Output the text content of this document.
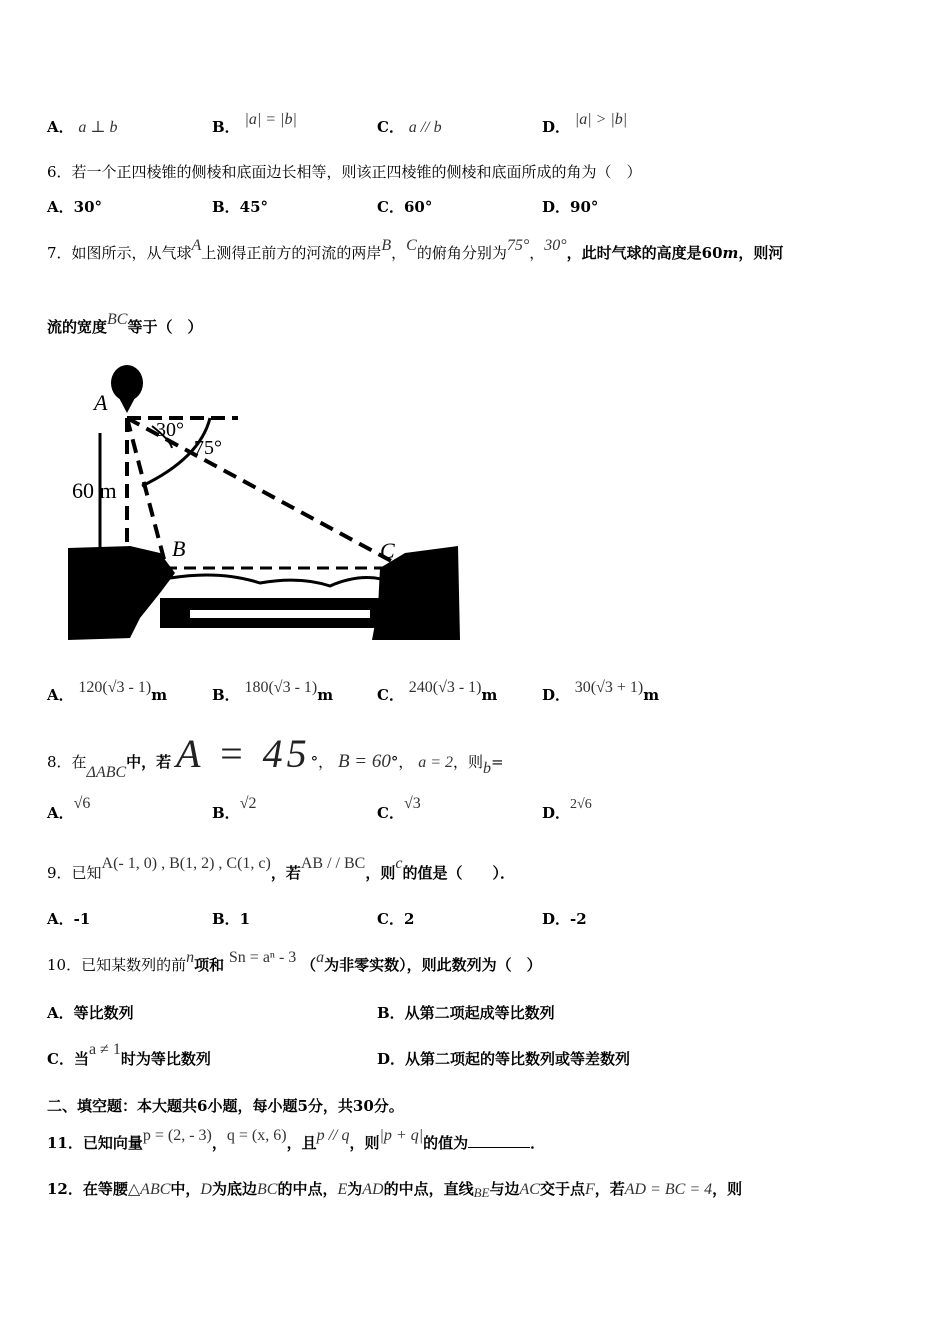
A． a ⊥ b	B． |a| = |b|	C． a // b	D． |a| > |b|
6．若一个正四棱锥的侧棱和底面边长相等，则该正四棱锥的侧棱和底面所成的角为（　）
A．30°	B．45°	C．60°	D．90°
7．如图所示，从气球A上测得正前方的河流的两岸B，C的俯角分别为75°，30°，此时气球的高度是60m，则河
流的宽度BC等于（　）
A
30°
75°
60 m
B	C
A． 120(√3 - 1)m	B． 180(√3 - 1)m	C． 240(√3 - 1)m	D． 30(√3 + 1)m
8．在ΔABC中，若 A = 45°， B = 60°， a = 2，则b=
A．√6
B．√2
C．√3
D．2√6
9．已知A(- 1, 0) , B(1, 2) , C(1, c)，若AB / / BC，则c的值是（　　）．
A．-1	B．1	C．2	D．-2
10．已知某数列的前n项和 Sn = aⁿ - 3 （a为非零实数），则此数列为（　）
A．等比数列	B．从第二项起成等比数列
C．当a ≠ 1时为等比数列	D．从第二项起的等比数列或等差数列
二、填空题：本大题共6小题，每小题5分，共30分。
11．已知向量p = (2, - 3)，q = (x, 6)，且p // q，则|p + q|的值为	．
12．在等腰△ABC中，D为底边BC的中点，E为AD的中点，直线BE与边AC交于点F，若AD = BC = 4，则
